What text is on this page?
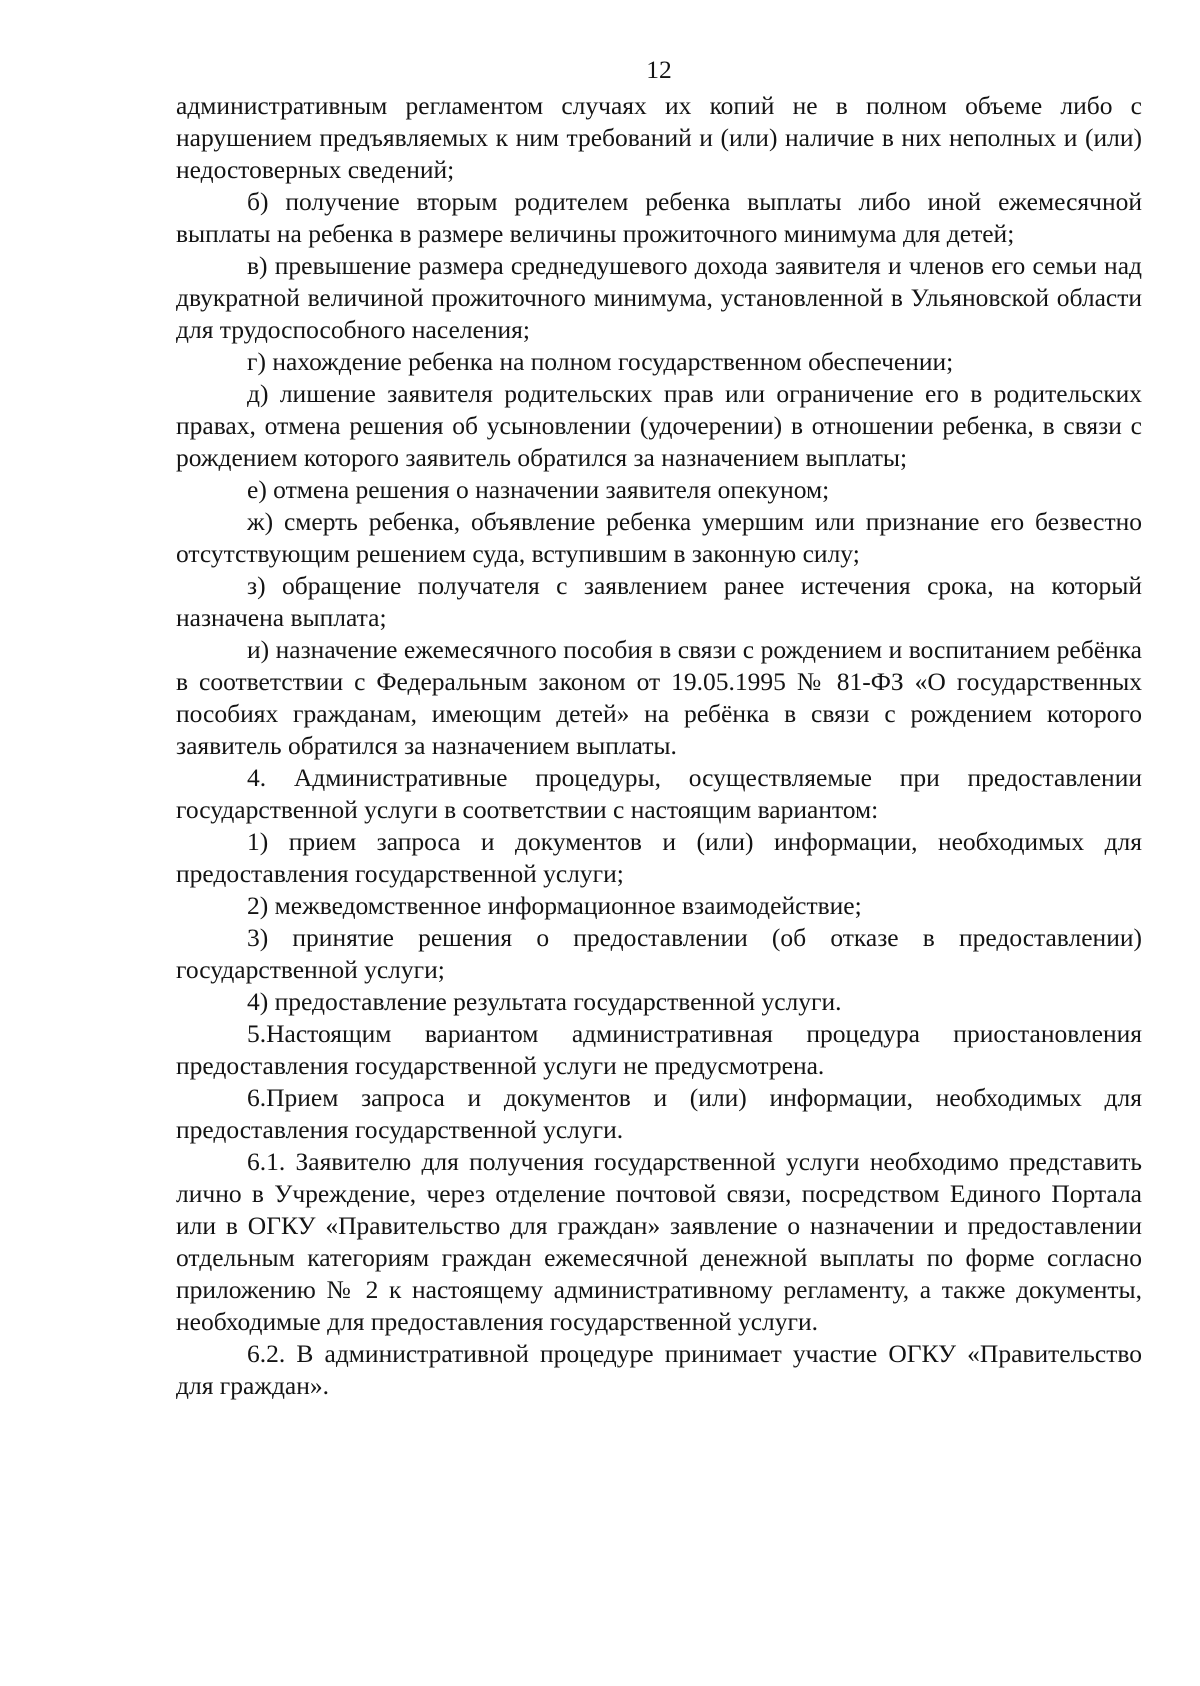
12

административным регламентом случаях их копий не в полном объеме либо с нарушением предъявляемых к ним требований и (или) наличие в них неполных и (или) недостоверных сведений;

б) получение вторым родителем ребенка выплаты либо иной ежемесячной выплаты на ребенка в размере величины прожиточного минимума для детей;

в) превышение размера среднедушевого дохода заявителя и членов его семьи над двукратной величиной прожиточного минимума, установленной в Ульяновской области для трудоспособного населения;

г) нахождение ребенка на полном государственном обеспечении;

д) лишение заявителя родительских прав или ограничение его в родительских правах, отмена решения об усыновлении (удочерении) в отношении ребенка, в связи с рождением которого заявитель обратился за назначением выплаты;

е) отмена решения о назначении заявителя опекуном;

ж) смерть ребенка, объявление ребенка умершим или признание его безвестно отсутствующим решением суда, вступившим в законную силу;

з) обращение получателя с заявлением ранее истечения срока, на который назначена выплата;

и) назначение ежемесячного пособия в связи с рождением и воспитанием ребёнка в соответствии с Федеральным законом от 19.05.1995 № 81-ФЗ «О государственных пособиях гражданам, имеющим детей» на ребёнка в связи с рождением которого заявитель обратился за назначением выплаты.

4. Административные процедуры, осуществляемые при предоставлении государственной услуги в соответствии с настоящим вариантом:

1) прием запроса и документов и (или) информации, необходимых для предоставления государственной услуги;

2) межведомственное информационное взаимодействие;

3) принятие решения о предоставлении (об отказе в предоставлении) государственной услуги;

4) предоставление результата государственной услуги.

5.Настоящим вариантом административная процедура приостановления предоставления государственной услуги не предусмотрена.

6.Прием запроса и документов и (или) информации, необходимых для предоставления государственной услуги.

6.1. Заявителю для получения государственной услуги необходимо представить лично в Учреждение, через отделение почтовой связи, посредством Единого Портала или в ОГКУ «Правительство для граждан» заявление о назначении и предоставлении отдельным категориям граждан ежемесячной денежной выплаты по форме согласно приложению № 2 к настоящему административному регламенту, а также документы, необходимые для предоставления государственной услуги.

6.2. В административной процедуре принимает участие ОГКУ «Правительство для граждан».
